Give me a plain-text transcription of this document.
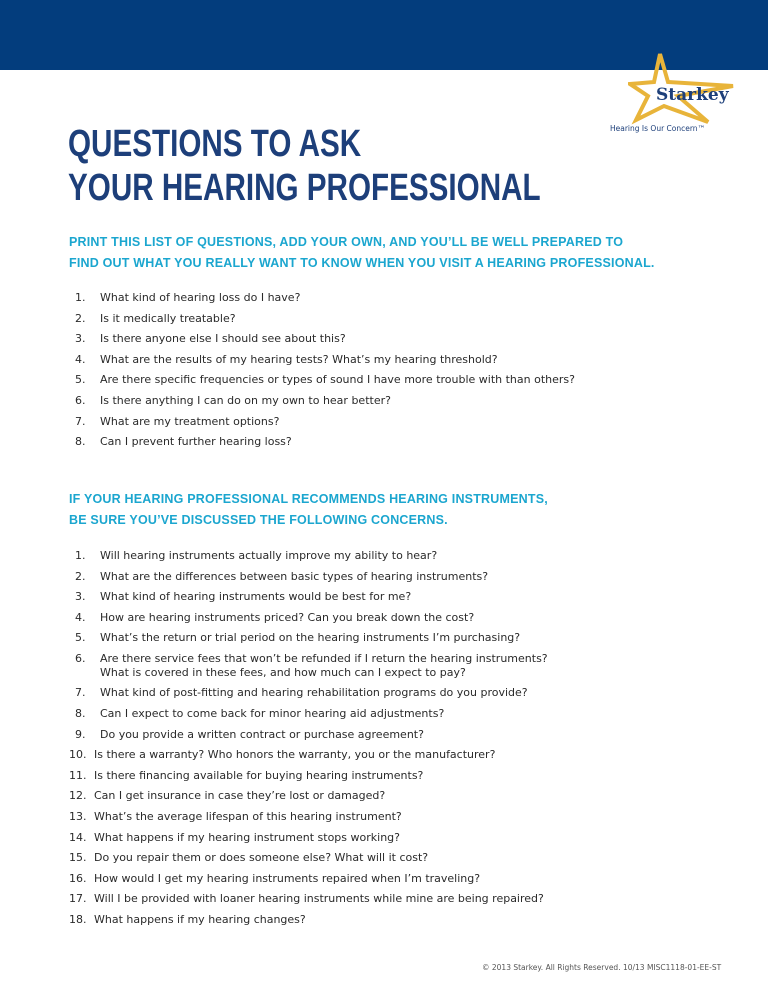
Starkey
Hearing Is Our Concern™
QUESTIONS TO ASK
YOUR HEARING PROFESSIONAL
PRINT THIS LIST OF QUESTIONS, ADD YOUR OWN, AND YOU’LL BE WELL PREPARED TO
FIND OUT WHAT YOU REALLY WANT TO KNOW WHEN YOU VISIT A HEARING PROFESSIONAL.
1.	What kind of hearing loss do I have?
2.	Is it medically treatable?
3.	Is there anyone else I should see about this?
4.	What are the results of my hearing tests? What’s my hearing threshold?
5.	Are there specific frequencies or types of sound I have more trouble with than others?
6.	Is there anything I can do on my own to hear better?
7.	What are my treatment options?
8.	Can I prevent further hearing loss?
IF YOUR HEARING PROFESSIONAL RECOMMENDS HEARING INSTRUMENTS,
BE SURE YOU’VE DISCUSSED THE FOLLOWING CONCERNS.
1.	Will hearing instruments actually improve my ability to hear?
2.	What are the differences between basic types of hearing instruments?
3.	What kind of hearing instruments would be best for me?
4.	How are hearing instruments priced? Can you break down the cost?
5.	What’s the return or trial period on the hearing instruments I’m purchasing?
6.	Are there service fees that won’t be refunded if I return the hearing instruments?
What is covered in these fees, and how much can I expect to pay?
7.	What kind of post-fitting and hearing rehabilitation programs do you provide?
8.	Can I expect to come back for minor hearing aid adjustments?
9.	Do you provide a written contract or purchase agreement?
10. Is there a warranty? Who honors the warranty, you or the manufacturer?
11. Is there financing available for buying hearing instruments?
12. Can I get insurance in case they’re lost or damaged?
13. What’s the average lifespan of this hearing instrument?
14. What happens if my hearing instrument stops working?
15. Do you repair them or does someone else? What will it cost?
16. How would I get my hearing instruments repaired when I’m traveling?
17. Will I be provided with loaner hearing instruments while mine are being repaired?
18. What happens if my hearing changes?
© 2013 Starkey. All Rights Reserved. 10/13 MISC1118-01-EE-ST
